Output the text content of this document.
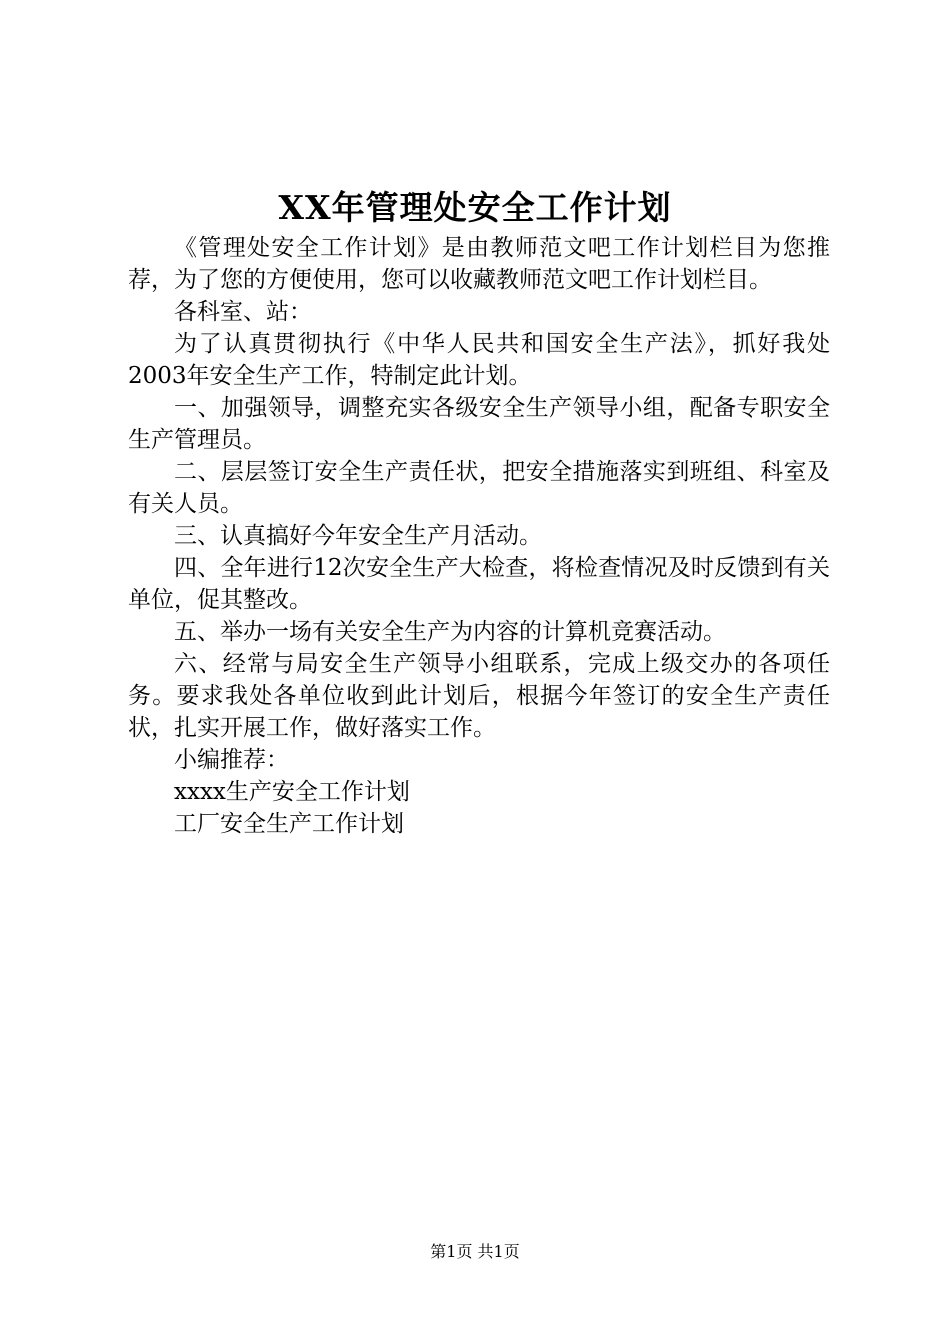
XX年管理处安全工作计划

《管理处安全工作计划》是由教师范文吧工作计划栏目为您推荐，为了您的方便使用，您可以收藏教师范文吧工作计划栏目。

各科室、站：

为了认真贯彻执行《中华人民共和国安全生产法》，抓好我处2003年安全生产工作，特制定此计划。

一、加强领导，调整充实各级安全生产领导小组，配备专职安全生产管理员。

二、层层签订安全生产责任状，把安全措施落实到班组、科室及有关人员。

三、认真搞好今年安全生产月活动。

四、全年进行12次安全生产大检查，将检查情况及时反馈到有关单位，促其整改。

五、举办一场有关安全生产为内容的计算机竞赛活动。

六、经常与局安全生产领导小组联系，完成上级交办的各项任务。要求我处各单位收到此计划后，根据今年签订的安全生产责任状，扎实开展工作，做好落实工作。

小编推荐：

xxxx生产安全工作计划

工厂安全生产工作计划

第1页 共1页
